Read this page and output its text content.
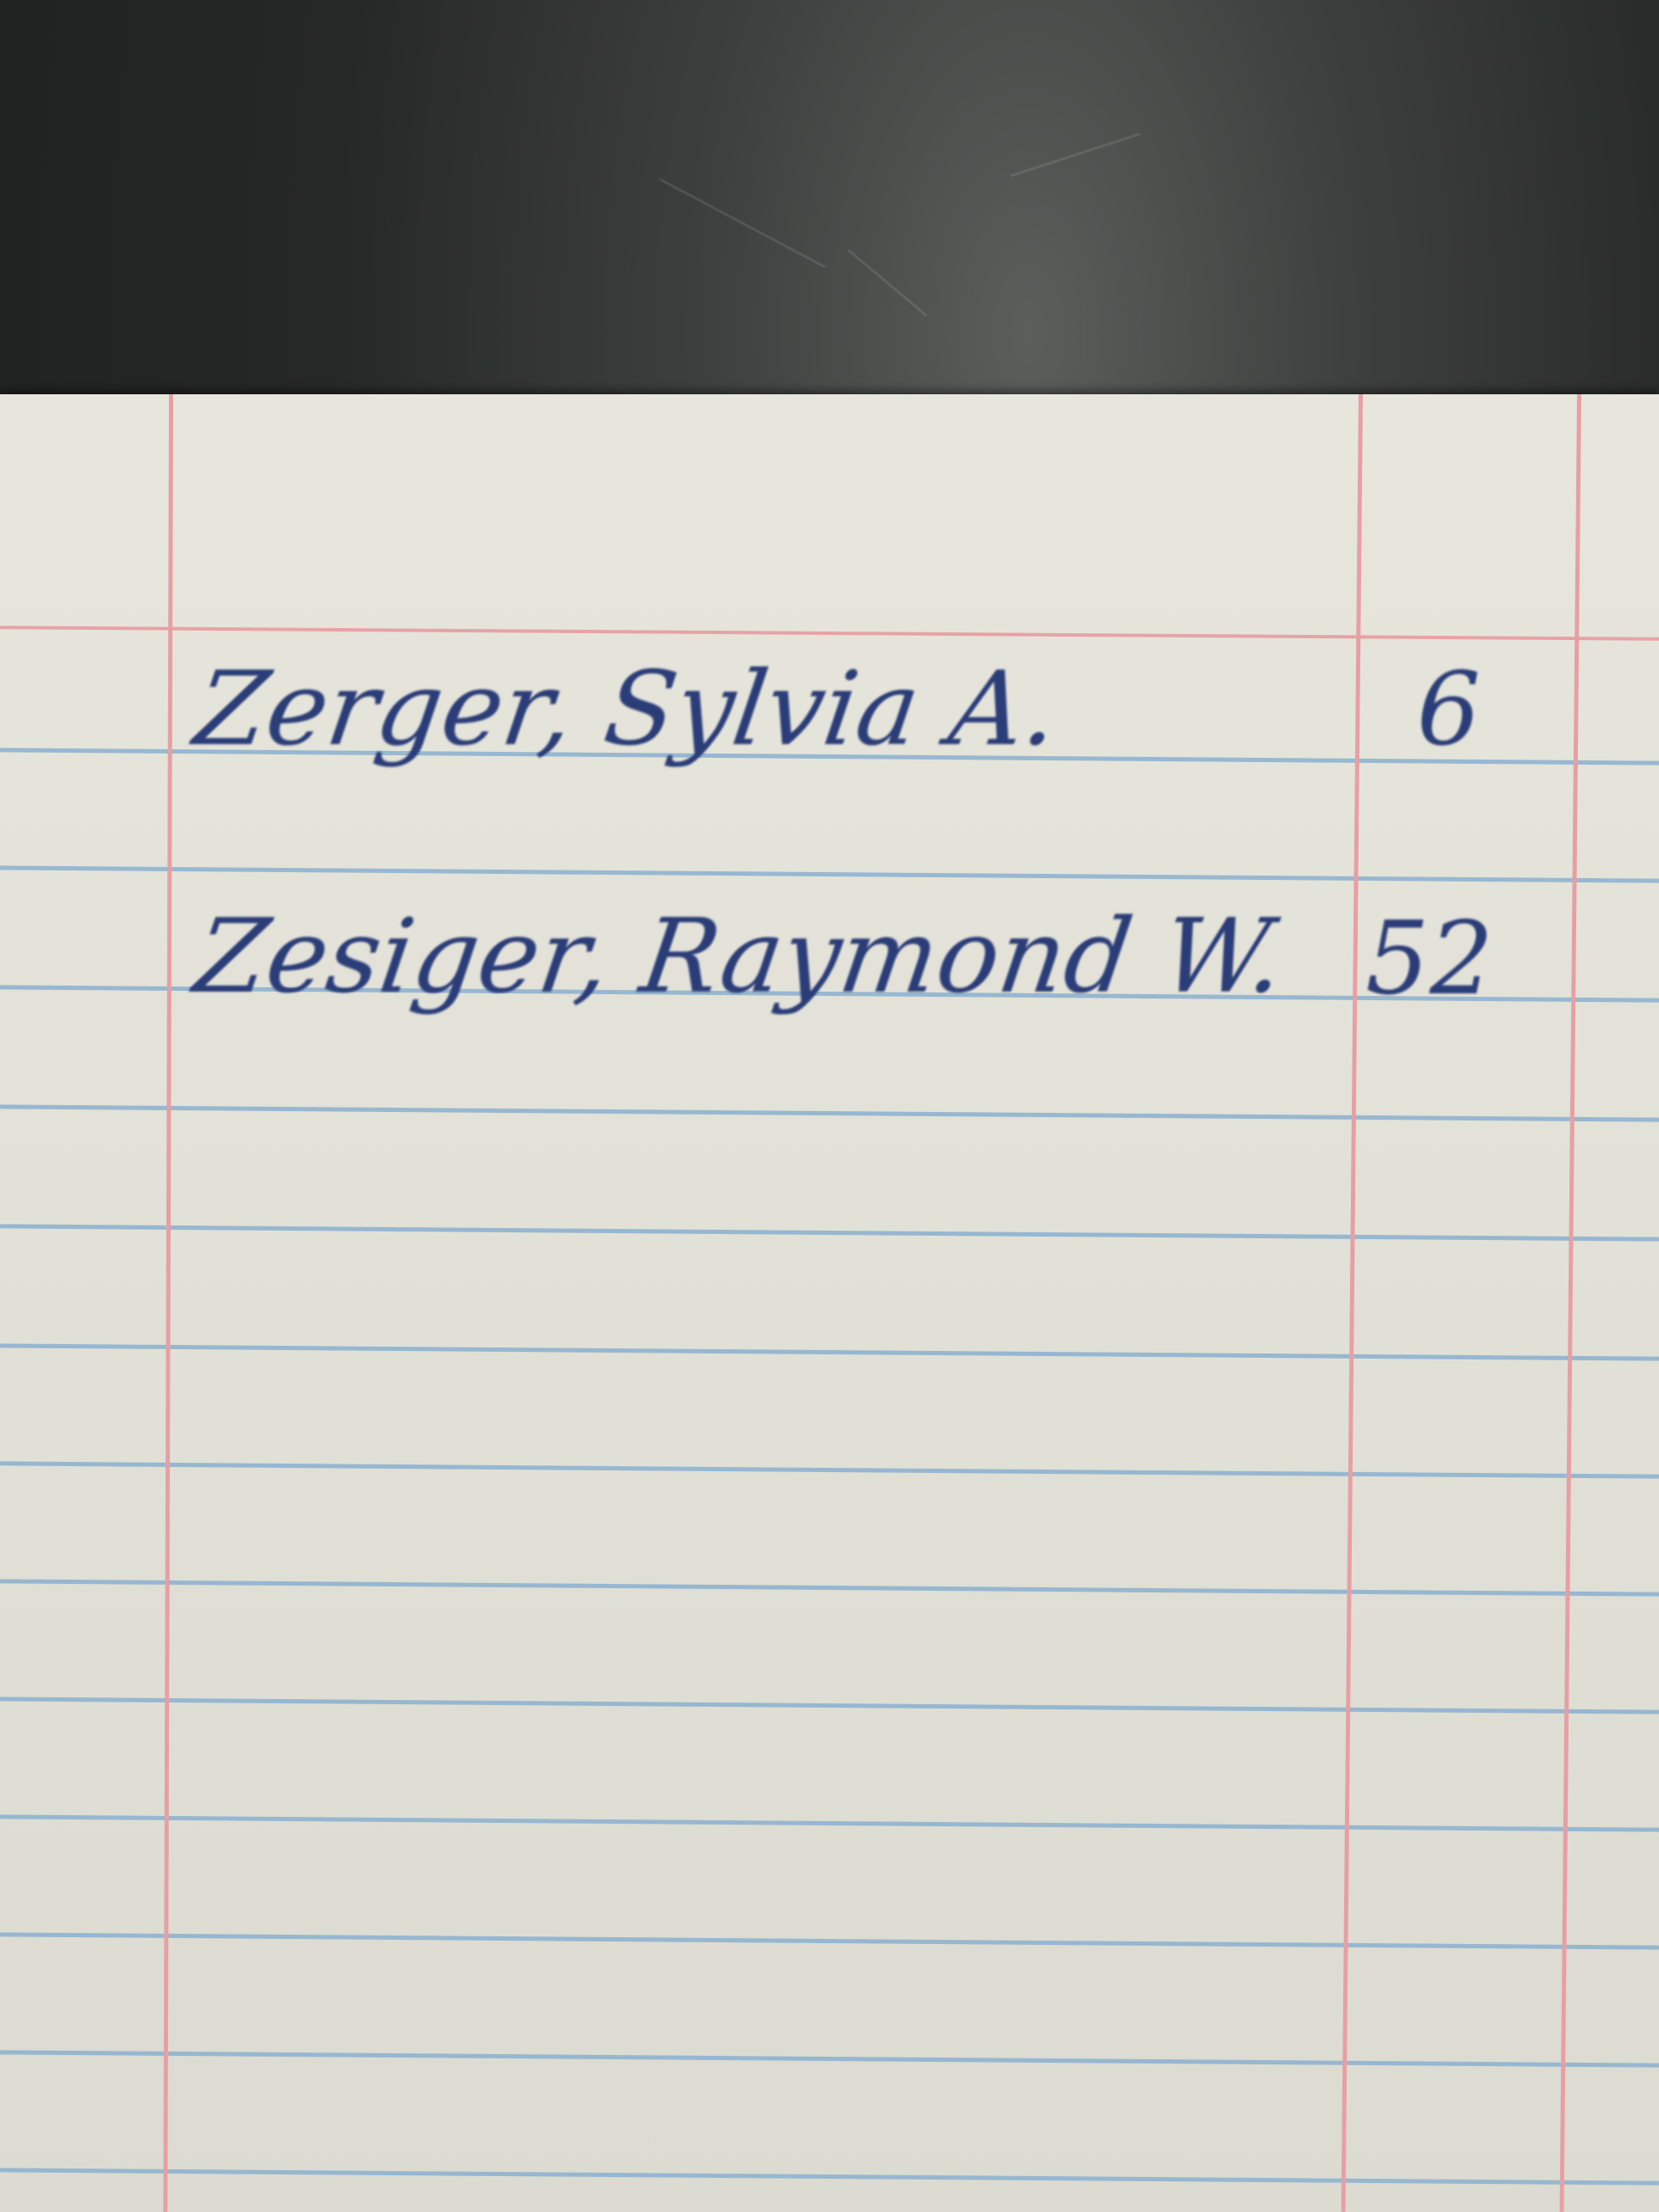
Zerger, Sylvia A.	6
Zesiger, Raymond W. 52
